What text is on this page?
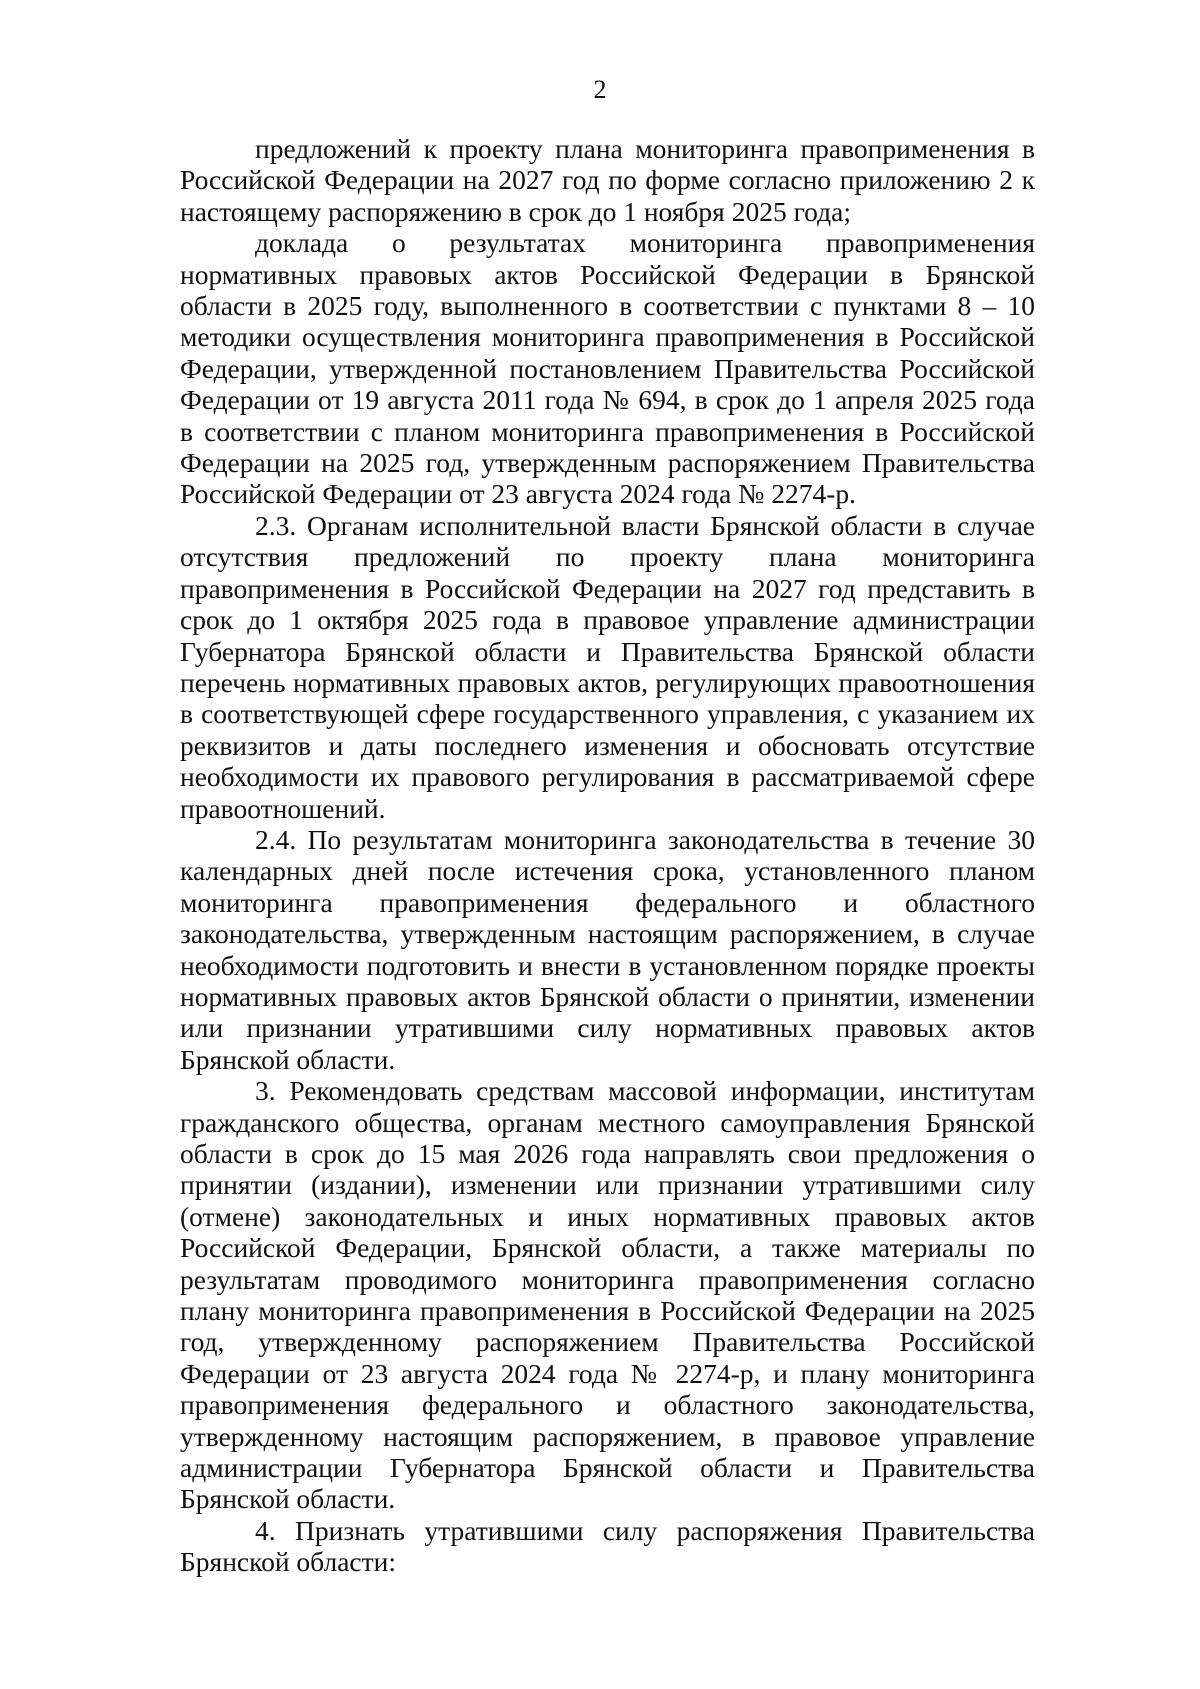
2

предложений к проекту плана мониторинга правоприменения в Российской Федерации на 2027 год по форме согласно приложению 2 к настоящему распоряжению в срок до 1 ноября 2025 года;

доклада о результатах мониторинга правоприменения нормативных правовых актов Российской Федерации в Брянской области в 2025 году, выполненного в соответствии с пунктами 8 – 10 методики осуществления мониторинга правоприменения в Российской Федерации, утвержденной постановлением Правительства Российской Федерации от 19 августа 2011 года № 694, в срок до 1 апреля 2025 года в соответствии с планом мониторинга правоприменения в Российской Федерации на 2025 год, утвержденным распоряжением Правительства Российской Федерации от 23 августа 2024 года № 2274-р.

2.3. Органам исполнительной власти Брянской области в случае отсутствия предложений по проекту плана мониторинга правоприменения в Российской Федерации на 2027 год представить в срок до 1 октября 2025 года в правовое управление администрации Губернатора Брянской области и Правительства Брянской области перечень нормативных правовых актов, регулирующих правоотношения в соответствующей сфере государственного управления, с указанием их реквизитов и даты последнего изменения и обосновать отсутствие необходимости их правового регулирования в рассматриваемой сфере правоотношений.

2.4. По результатам мониторинга законодательства в течение 30 календарных дней после истечения срока, установленного планом мониторинга правоприменения федерального и областного законодательства, утвержденным настоящим распоряжением, в случае необходимости подготовить и внести в установленном порядке проекты нормативных правовых актов Брянской области о принятии, изменении или признании утратившими силу нормативных правовых актов Брянской области.

3. Рекомендовать средствам массовой информации, институтам гражданского общества, органам местного самоуправления Брянской области в срок до 15 мая 2026 года направлять свои предложения о принятии (издании), изменении или признании утратившими силу (отмене) законодательных и иных нормативных правовых актов Российской Федерации, Брянской области, а также материалы по результатам проводимого мониторинга правоприменения согласно плану мониторинга правоприменения в Российской Федерации на 2025 год, утвержденному распоряжением Правительства Российской Федерации от 23 августа 2024 года № 2274-р, и плану мониторинга правоприменения федерального и областного законодательства, утвержденному настоящим распоряжением, в правовое управление администрации Губернатора Брянской области и Правительства Брянской области.

4. Признать утратившими силу распоряжения Правительства Брянской области:
